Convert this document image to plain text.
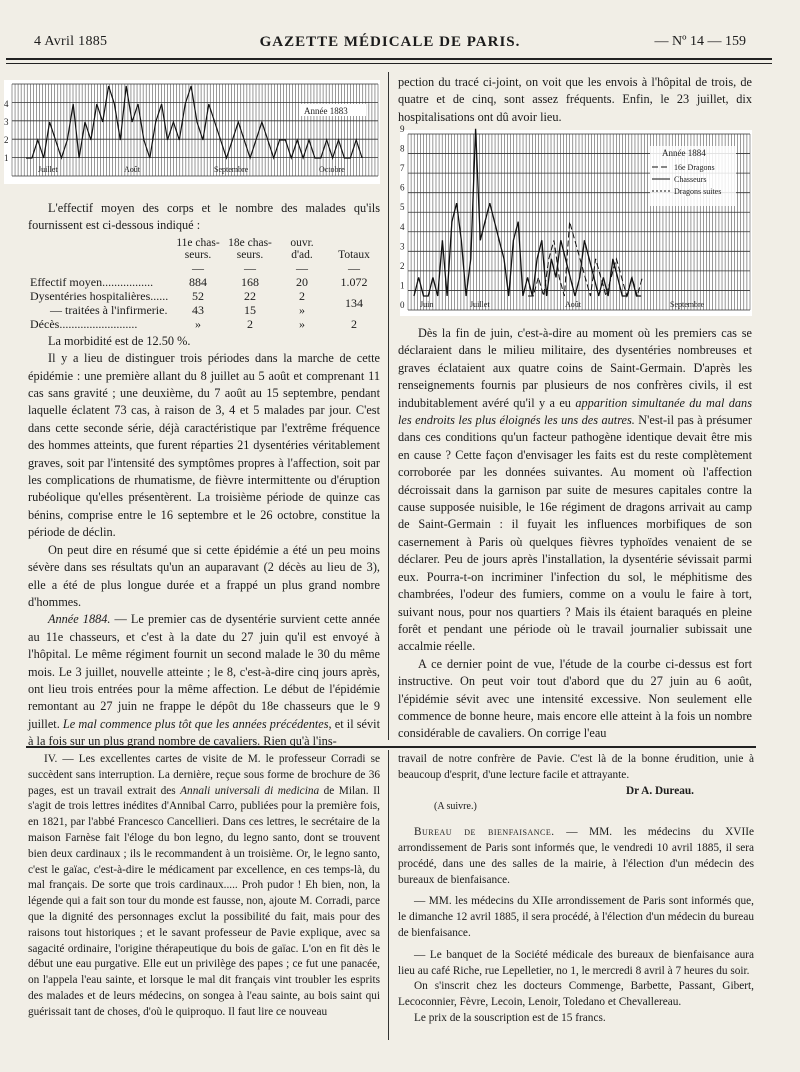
4 Avril 1885	GAZETTE MÉDICALE DE PARIS.	— Nº 14 — 159
1
2
3
4
Juillet	Août	Septembre	Octobre
Année 1883

L'effectif moyen des corps et le nombre des malades qu'ils fournissent est ci-dessous indiqué :

	11e chas-
seurs.	18e chas-
seurs.	ouvr.
d'ad.	Totaux
	—	—	—	—
Effectif moyen.................	884	168	20	1.072
Dysentéries hospitalières......	52	22	2	134
— traitées à l'infirmerie.	43	15	»	
Décès..........................	»	2	»	2

La morbidité est de 12.50 %.

Il y a lieu de distinguer trois périodes dans la marche de cette épidémie : une première allant du 8 juillet au 5 août et comprenant 11 cas sans gravité ; une deuxième, du 7 août au 15 septembre, pendant laquelle éclatent 73 cas, à raison de 3, 4 et 5 malades par jour. C'est dans cette seconde série, déjà caractéristique par l'extrême fréquence des hommes atteints, que furent réparties 21 dysentéries véritablement graves, soit par l'intensité des symptômes propres à l'affection, soit par les complications de rhumatisme, de fièvre intermittente ou d'éruption rubéolique qu'elles présentèrent. La troisième période de quinze cas bénins, comprise entre le 16 septembre et le 26 octobre, constitue la période de déclin.

On peut dire en résumé que si cette épidémie a été un peu moins sévère dans ses résultats qu'un an auparavant (2 décès au lieu de 3), elle a été de plus longue durée et a frappé un plus grand nombre d'hommes.

Année 1884. — Le premier cas de dysentérie survient cette année au 11e chasseurs, et c'est à la date du 27 juin qu'il est envoyé à l'hôpital. Le même régiment fournit un second malade le 30 du même mois. Le 3 juillet, nouvelle atteinte ; le 8, c'est-à-dire cinq jours après, ont lieu trois entrées pour la même affection. Le début de l'épidémie remontant au 27 juin ne frappe le dépôt du 18e chasseurs que le 9 juillet. Le mal commence plus tôt que les années précédentes, et il sévit à la fois sur un plus grand nombre de cavaliers. Rien qu'à l'ins-

pection du tracé ci-joint, on voit que les envois à l'hôpital de trois, de quatre et de cinq, sont assez fréquents. Enfin, le 23 juillet, dix hospitalisations ont dû avoir lieu.

0
1
2
3
4
5
6
7
8
9
Juin	Juillet	Août	Septembre
Année 1884
16e Dragons
Chasseurs
Dragons suites

Dès la fin de juin, c'est-à-dire au moment où les premiers cas se déclaraient dans le milieu militaire, des dysentéries nombreuses et graves éclataient aux quatre coins de Saint-Germain. D'après les renseignements fournis par plusieurs de nos confrères civils, il est indubitablement avéré qu'il y a eu apparition simultanée du mal dans les endroits les plus éloignés les uns des autres. N'est-il pas à présumer dans ces conditions qu'un facteur pathogène identique devait être mis en cause ? Cette façon d'envisager les faits est du reste complètement corroborée par les données suivantes. Au moment où l'affection décroissait dans la garnison par suite de mesures capitales contre la cause supposée nuisible, le 16e régiment de dragons arrivait au camp de Saint-Germain : il fuyait les influences morbifiques de son casernement à Paris où quelques fièvres typhoïdes venaient de se déclarer. Peu de jours après l'installation, la dysentérie sévissait parmi eux. Pourra-t-on incriminer l'infection du sol, le méphitisme des chambrées, l'odeur des fumiers, comme on a voulu le faire à tort, suivant nous, pour nos quartiers ? Mais ils étaient baraqués en pleine forêt et pendant une période où le travail journalier subissait une accalmie réelle.

A ce dernier point de vue, l'étude de la courbe ci-dessus est fort instructive. On peut voir tout d'abord que du 27 juin au 6 août, l'épidémie sévit avec une intensité excessive. Non seulement elle commence de bonne heure, mais encore elle atteint à la fois un nombre considérable de cavaliers. On corrige l'eau

IV. — Les excellentes cartes de visite de M. le professeur Corradi se succèdent sans interruption. La dernière, reçue sous forme de brochure de 36 pages, est un travail extrait des Annali universali di medicina de Milan. Il s'agit de trois lettres inédites d'Annibal Carro, publiées pour la première fois, en 1821, par l'abbé Francesco Cancellieri. Dans ces lettres, le secrétaire de la maison Farnèse fait l'éloge du bon legno, du legno santo, dont se trouvent bien deux cardinaux ; ils le recommandent à un troisième. Or, le legno santo, c'est le gaïac, c'est-à-dire le médicament par excellence, en ces temps-là, du mal français. De sorte que trois cardinaux..... Proh pudor ! Eh bien, non, la légende qui a fait son tour du monde est fausse, non, ajoute M. Corradi, parce que la dignité des personnages exclut la possibilité du fait, mais pour des raisons tout historiques ; et le savant professeur de Pavie explique, avec sa sagacité ordinaire, l'origine thérapeutique du bois de gaïac. L'on en fit dès le début une eau purgative. Elle eut un privilège des papes ; ce fut une panacée, on l'appela l'eau sainte, et lorsque le mal dit français vint troubler les esprits des malades et de leurs médecins, on songea à l'eau sainte, au bois saint qui guérissait tant de choses, d'où le quiproquo. Il faut lire ce nouveau

travail de notre confrère de Pavie. C'est là de la bonne érudition, unie à beaucoup d'esprit, d'une lecture facile et attrayante.

Dr A. Dureau.
(A suivre.)

Bureau de bienfaisance. — MM. les médecins du XVIIe arrondissement de Paris sont informés que, le vendredi 10 avril 1885, il sera procédé, dans une des salles de la mairie, à l'élection d'un médecin des bureaux de bienfaisance.

— MM. les médecins du XIIe arrondissement de Paris sont informés que, le dimanche 12 avril 1885, il sera procédé, à l'élection d'un médecin du bureau de bienfaisance.

— Le banquet de la Société médicale des bureaux de bienfaisance aura lieu au café Riche, rue Lepelletier, no 1, le mercredi 8 avril à 7 heures du soir.

On s'inscrit chez les docteurs Commenge, Barbette, Passant, Gibert, Lecoconnier, Fèvre, Lecoin, Lenoir, Toledano et Chevallereau.

Le prix de la souscription est de 15 francs.
